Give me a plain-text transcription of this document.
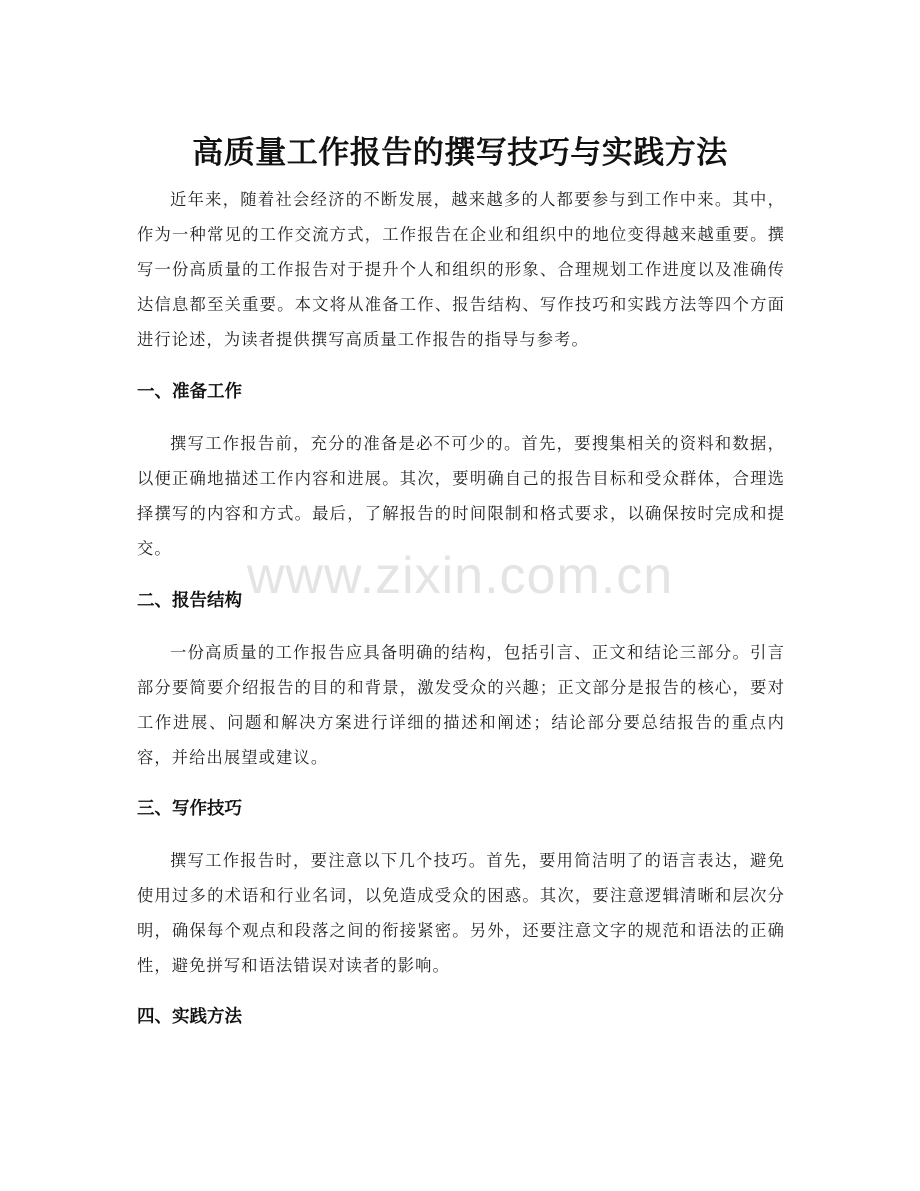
高质量工作报告的撰写技巧与实践方法

近年来，随着社会经济的不断发展，越来越多的人都要参与到工作中来。其中，作为一种常见的工作交流方式，工作报告在企业和组织中的地位变得越来越重要。撰写一份高质量的工作报告对于提升个人和组织的形象、合理规划工作进度以及准确传达信息都至关重要。本文将从准备工作、报告结构、写作技巧和实践方法等四个方面进行论述，为读者提供撰写高质量工作报告的指导与参考。

一、准备工作

撰写工作报告前，充分的准备是必不可少的。首先，要搜集相关的资料和数据，以便正确地描述工作内容和进展。其次，要明确自己的报告目标和受众群体，合理选择撰写的内容和方式。最后，了解报告的时间限制和格式要求，以确保按时完成和提交。

二、报告结构

一份高质量的工作报告应具备明确的结构，包括引言、正文和结论三部分。引言部分要简要介绍报告的目的和背景，激发受众的兴趣；正文部分是报告的核心，要对工作进展、问题和解决方案进行详细的描述和阐述；结论部分要总结报告的重点内容，并给出展望或建议。

三、写作技巧

撰写工作报告时，要注意以下几个技巧。首先，要用简洁明了的语言表达，避免使用过多的术语和行业名词，以免造成受众的困惑。其次，要注意逻辑清晰和层次分明，确保每个观点和段落之间的衔接紧密。另外，还要注意文字的规范和语法的正确性，避免拼写和语法错误对读者的影响。

四、实践方法
www.zixin.com.cn
